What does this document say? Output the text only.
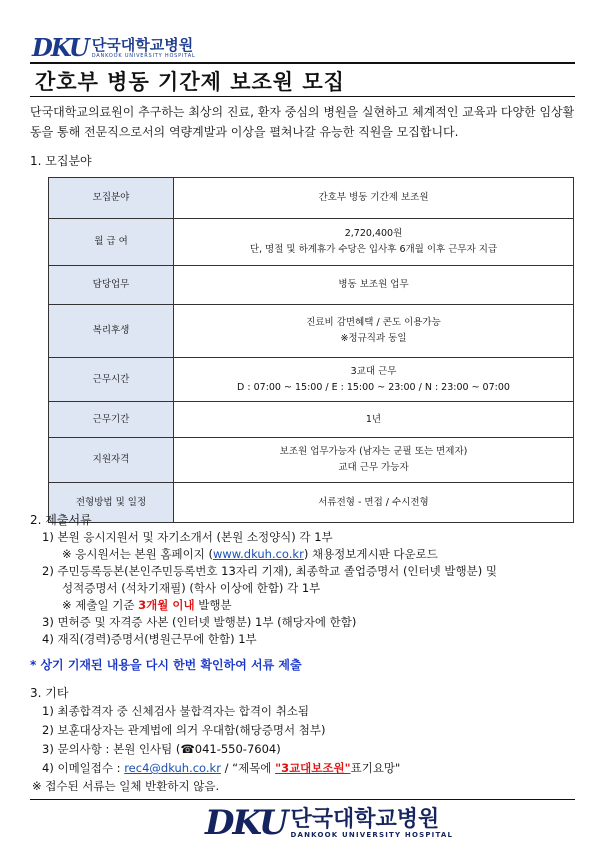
DKU 단국대학교병원
DANKOOK UNIVERSITY HOSPITAL
간호부 병동 기간제 보조원 모집
단국대학교의료원이 추구하는 최상의 진료, 환자 중심의 병원을 실현하고 체계적인 교육과 다양한 임상활동을 통해 전문직으로서의 역량계발과 이상을 펼쳐나갈 유능한 직원을 모집합니다.
1. 모집분야
모집분야	간호부 병동 기간제 보조원

월 급 여	2,720,400원
단, 명절 및 하계휴가 수당은 입사후 6개월 이후 근무자 지급

담당업무	병동 보조원 업무

복리후생	진료비 감면혜택 / 콘도 이용가능
※정규직과 동일

근무시간	3교대 근무
D : 07:00 ~ 15:00 / E : 15:00 ~ 23:00 / N : 23:00 ~ 07:00

근무기간	1년

지원자격	보조원 업무가능자 (남자는 군필 또는 면제자)
교대 근무 가능자

전형방법 및 일정	서류전형 - 면접 / 수시전형
2. 제출서류
1) 본원 응시지원서 및 자기소개서 (본원 소정양식) 각 1부
※ 응시원서는 본원 홈페이지 (www.dkuh.co.kr) 채용정보게시판 다운로드
2) 주민등록등본(본인주민등록번호 13자리 기재), 최종학교 졸업증명서 (인터넷 발행분) 및
성적증명서 (석차기재필) (학사 이상에 한함) 각 1부
※ 제출일 기준 3개월 이내 발행분
3) 면허증 및 자격증 사본 (인터넷 발행분) 1부 (해당자에 한함)
4) 재직(경력)증명서(병원근무에 한함) 1부
* 상기 기재된 내용을 다시 한번 확인하여 서류 제출
3. 기타
1) 최종합격자 중 신체검사 불합격자는 합격이 취소됨
2) 보훈대상자는 관계법에 의거 우대함(해당증명서 첨부)
3) 문의사항 : 본원 인사팀 (☎041-550-7604)
4) 이메일접수 : rec4@dkuh.co.kr / “제목에 "3교대보조원"표기요망"
※ 접수된 서류는 일체 반환하지 않음.
DKU 단국대학교병원
DANKOOK UNIVERSITY HOSPITAL
